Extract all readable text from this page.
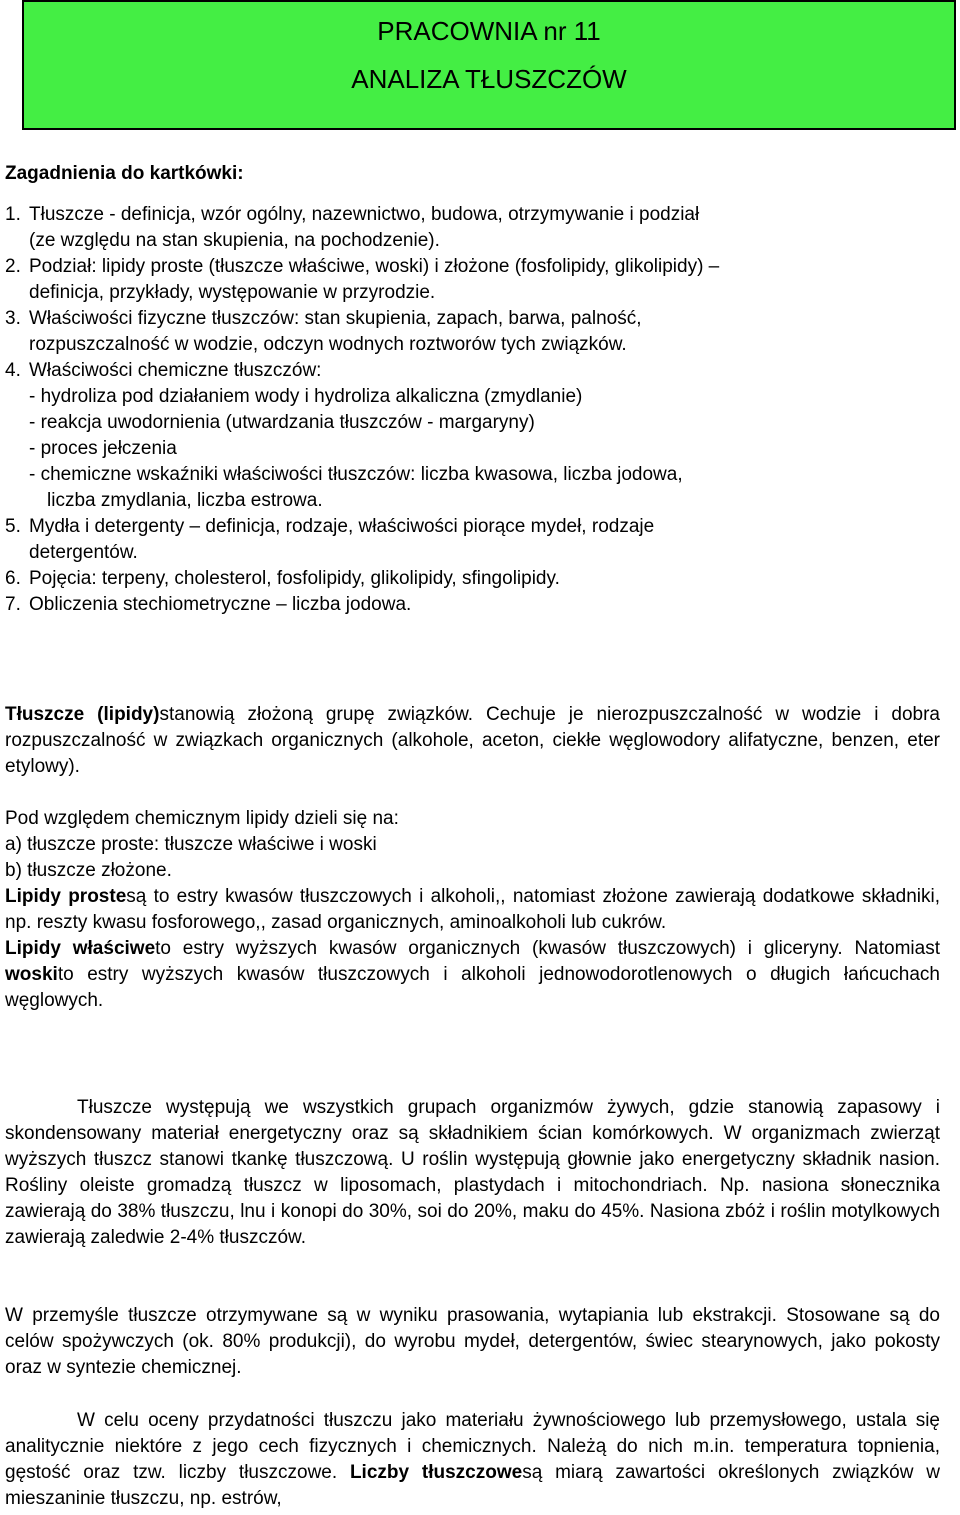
PRACOWNIA nr 11
ANALIZA TŁUSZCZÓW
Zagadnienia do kartkówki:
1. Tłuszcze - definicja, wzór ogólny, nazewnictwo, budowa, otrzymywanie i podział
(ze względu na stan skupienia, na pochodzenie).
2. Podział: lipidy proste (tłuszcze właściwe, woski) i złożone (fosfolipidy, glikolipidy) –
definicja, przykłady, występowanie w przyrodzie.
3. Właściwości fizyczne tłuszczów: stan skupienia, zapach, barwa, palność,
rozpuszczalność w wodzie, odczyn wodnych roztworów tych związków.
4. Właściwości chemiczne tłuszczów:
- hydroliza pod działaniem wody i hydroliza alkaliczna (zmydlanie)
- reakcja uwodornienia (utwardzania tłuszczów - margaryny)
- proces jełczenia
- chemiczne wskaźniki właściwości tłuszczów: liczba kwasowa, liczba jodowa,
liczba zmydlania, liczba estrowa.
5. Mydła i detergenty – definicja, rodzaje, właściwości piorące mydeł, rodzaje
detergentów.
6. Pojęcia: terpeny, cholesterol, fosfolipidy, glikolipidy, sfingolipidy.
7. Obliczenia stechiometryczne – liczba jodowa.

Tłuszcze (lipidy)stanowią złożoną grupę związków. Cechuje je nierozpuszczalność w wodzie i dobra rozpuszczalność w związkach organicznych (alkohole, aceton, ciekłe węglowodory alifatyczne, benzen, eter etylowy).

Pod względem chemicznym lipidy dzieli się na:

a) tłuszcze proste: tłuszcze właściwe i woski

b) tłuszcze złożone.

Lipidy prostesą to estry kwasów tłuszczowych i alkoholi,, natomiast złożone zawierają dodatkowe składniki, np. reszty kwasu fosforowego,, zasad organicznych, aminoalkoholi lub cukrów.

Lipidy właściweto estry wyższych kwasów organicznych (kwasów tłuszczowych) i gliceryny. Natomiast woskito estry wyższych kwasów tłuszczowych i alkoholi jednowodorotlenowych o długich łańcuchach węglowych.

Tłuszcze występują we wszystkich grupach organizmów żywych, gdzie stanowią zapasowy i skondensowany materiał energetyczny oraz są składnikiem ścian komórkowych. W organizmach zwierząt wyższych tłuszcz stanowi tkankę tłuszczową. U roślin występują głownie jako energetyczny składnik nasion. Rośliny oleiste gromadzą tłuszcz w liposomach, plastydach i mitochondriach. Np. nasiona słonecznika zawierają do 38% tłuszczu, lnu i konopi do 30%, soi do 20%, maku do 45%. Nasiona zbóż i roślin motylkowych zawierają zaledwie 2-4% tłuszczów.
W przemyśle tłuszcze otrzymywane są w wyniku prasowania, wytapiania lub ekstrakcji. Stosowane są do celów spożywczych (ok. 80% produkcji), do wyrobu mydeł, detergentów, świec stearynowych, jako pokosty oraz w syntezie chemicznej.
W celu oceny przydatności tłuszczu jako materiału żywnościowego lub przemysłowego, ustala się analitycznie niektóre z jego cech fizycznych i chemicznych. Należą do nich m.in. temperatura topnienia, gęstość oraz tzw. liczby tłuszczowe. Liczby tłuszczowesą miarą zawartości określonych związków w mieszaninie tłuszczu, np. estrów,
